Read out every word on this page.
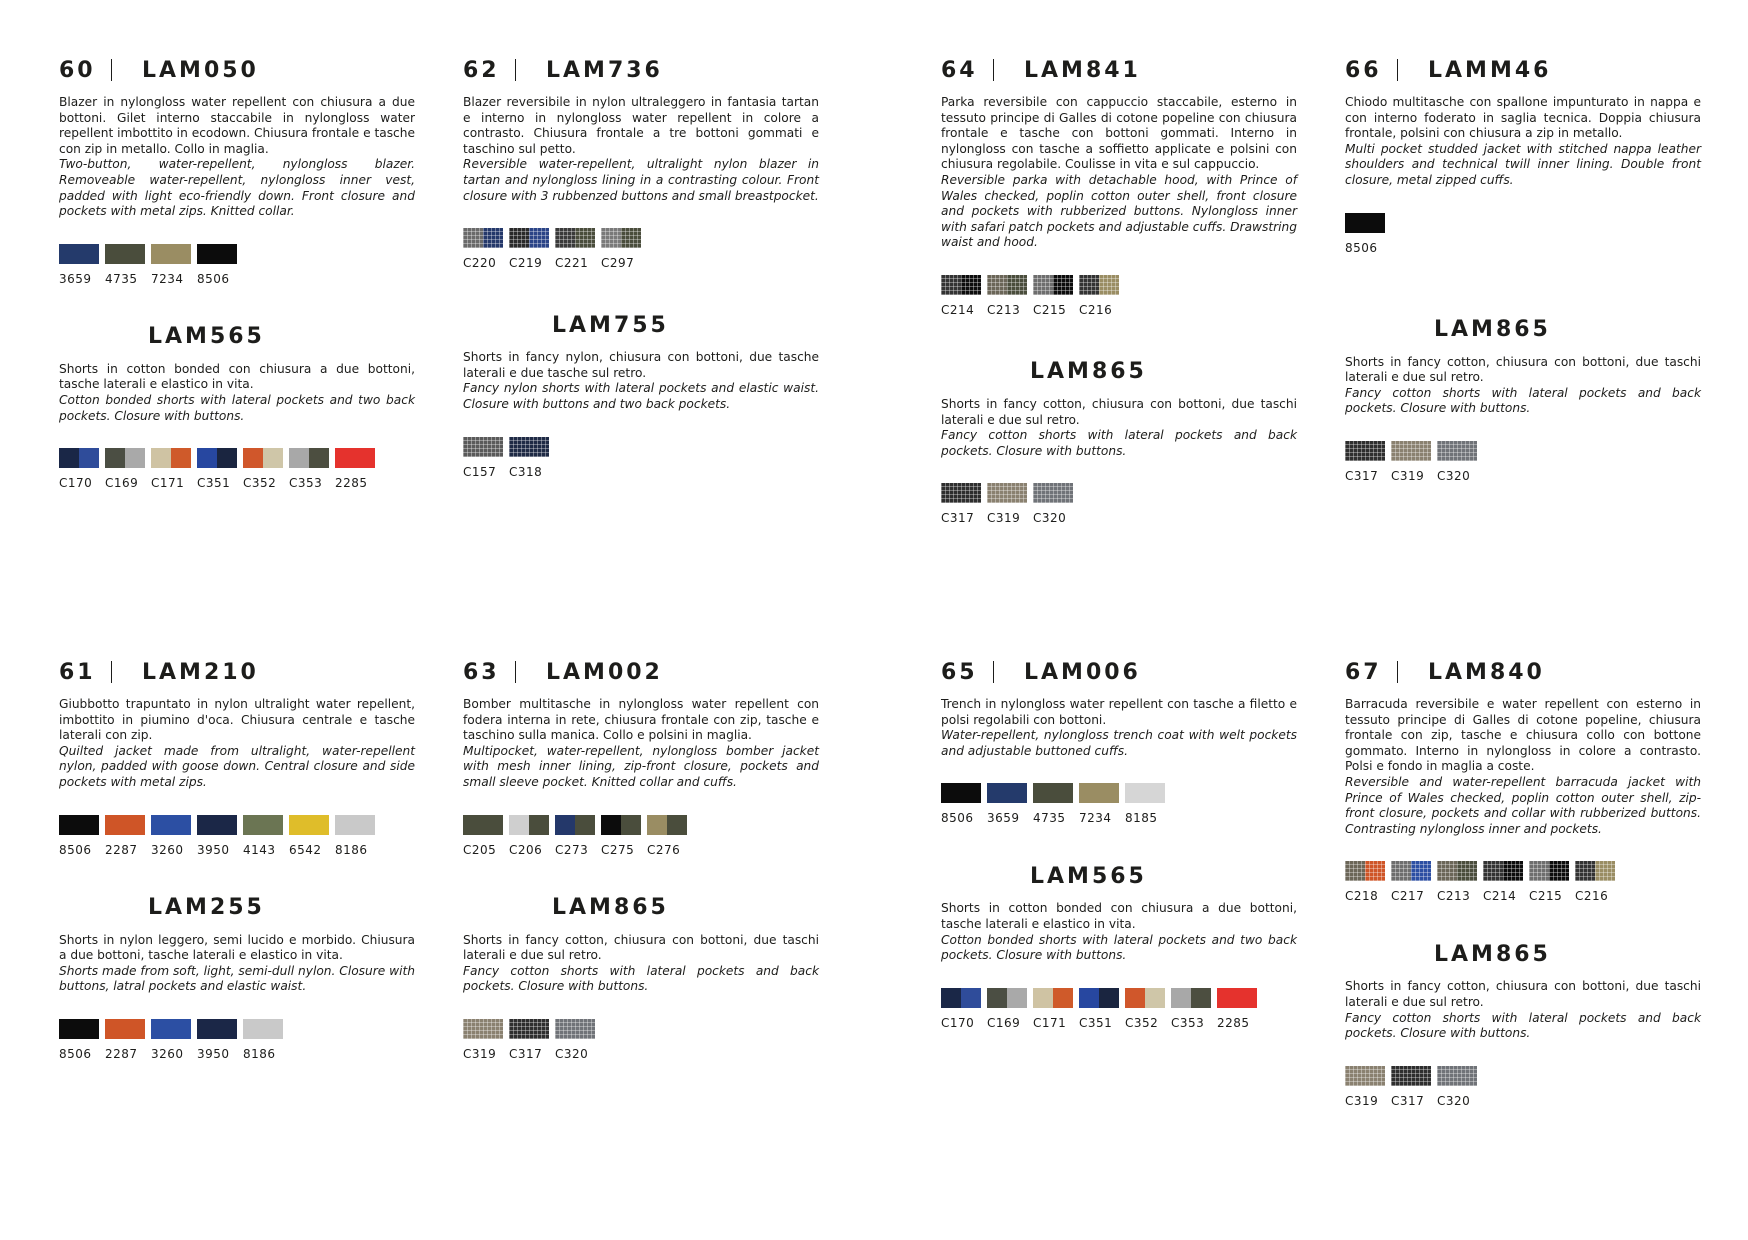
60	LAM050

Blazer in nylongloss water repellent con chiusura a due bottoni. Gilet interno staccabile in nylongloss water repellent imbottito in ecodown. Chiusura frontale e tasche con zip in metallo. Collo in maglia.

Two-button, water-repellent, nylongloss blazer. Removeable water-repellent, nylongloss inner vest, padded with light eco-friendly down. Front closure and pockets with metal zips. Knitted collar.

3659	4735	7234	8506
LAM565

Shorts in cotton bonded con chiusura a due bottoni, tasche laterali e elastico in vita.

Cotton bonded shorts with lateral pockets and two back pockets. Closure with buttons.

C170	C169	C171	C351	C352	C353	2285
62	LAM736

Blazer reversibile in nylon ultraleggero in fantasia tartan e interno in nylongloss water repellent in colore a contrasto. Chiusura frontale a tre bottoni gommati e taschino sul petto.

Reversible water-repellent, ultralight nylon blazer in tartan and nylongloss lining in a contrasting colour. Front closure with 3 rubbenzed buttons and small breastpocket.

C220	C219	C221	C297
LAM755

Shorts in fancy nylon, chiusura con bottoni, due tasche laterali e due tasche sul retro.

Fancy nylon shorts with lateral pockets and elastic waist. Closure with buttons and two back pockets.

C157	C318
64	LAM841

Parka reversibile con cappuccio staccabile, esterno in tessuto principe di Galles di cotone popeline con chiusura frontale e tasche con bottoni gommati. Interno in nylongloss con tasche a soffietto applicate e polsini con chiusura regolabile. Coulisse in vita e sul cappuccio.

Reversible parka with detachable hood, with Prince of Wales checked, poplin cotton outer shell, front closure and pockets with rubberized buttons. Nylongloss inner with safari patch pockets and adjustable cuffs. Drawstring waist and hood.

C214	C213	C215	C216
LAM865

Shorts in fancy cotton, chiusura con bottoni, due taschi laterali e due sul retro.

Fancy cotton shorts with lateral pockets and back pockets. Closure with buttons.

C317	C319	C320
66	LAMM46

Chiodo multitasche con spallone impunturato in nappa e con interno foderato in saglia tecnica. Doppia chiusura frontale, polsini con chiusura a zip in metallo.

Multi pocket studded jacket with stitched nappa leather shoulders and technical twill inner lining. Double front closure, metal zipped cuffs.

8506
LAM865

Shorts in fancy cotton, chiusura con bottoni, due taschi laterali e due sul retro.

Fancy cotton shorts with lateral pockets and back pockets. Closure with buttons.

C317	C319	C320
61	LAM210

Giubbotto trapuntato in nylon ultralight water repellent, imbottito in piumino d'oca. Chiusura centrale e tasche laterali con zip.

Quilted jacket made from ultralight, water-repellent nylon, padded with goose down. Central closure and side pockets with metal zips.

8506	2287	3260	3950	4143	6542	8186
LAM255

Shorts in nylon leggero, semi lucido e morbido. Chiusura a due bottoni, tasche laterali e elastico in vita.

Shorts made from soft, light, semi-dull nylon. Closure with buttons, latral pockets and elastic waist.

8506	2287	3260	3950	8186
63	LAM002

Bomber multitasche in nylongloss water repellent con fodera interna in rete, chiusura frontale con zip, tasche e taschino sulla manica. Collo e polsini in maglia.

Multipocket, water-repellent, nylongloss bomber jacket with mesh inner lining, zip-front closure, pockets and small sleeve pocket. Knitted collar and cuffs.

C205	C206	C273	C275	C276
LAM865

Shorts in fancy cotton, chiusura con bottoni, due taschi laterali e due sul retro.

Fancy cotton shorts with lateral pockets and back pockets. Closure with buttons.

C319	C317	C320
65	LAM006

Trench in nylongloss water repellent con tasche a filetto e polsi regolabili con bottoni.

Water-repellent, nylongloss trench coat with welt pockets and adjustable buttoned cuffs.

8506	3659	4735	7234	8185
LAM565

Shorts in cotton bonded con chiusura a due bottoni, tasche laterali e elastico in vita.

Cotton bonded shorts with lateral pockets and two back pockets. Closure with buttons.

C170	C169	C171	C351	C352	C353	2285
67	LAM840

Barracuda reversibile e water repellent con esterno in tessuto principe di Galles di cotone popeline, chiusura frontale con zip, tasche e chiusura collo con bottone gommato. Interno in nylongloss in colore a contrasto. Polsi e fondo in maglia a coste.

Reversible and water-repellent barracuda jacket with Prince of Wales checked, poplin cotton outer shell, zip-front closure, pockets and collar with rubberized buttons. Contrasting nylongloss inner and pockets.

C218	C217	C213	C214	C215	C216
LAM865

Shorts in fancy cotton, chiusura con bottoni, due taschi laterali e due sul retro.

Fancy cotton shorts with lateral pockets and back pockets. Closure with buttons.

C319	C317	C320
